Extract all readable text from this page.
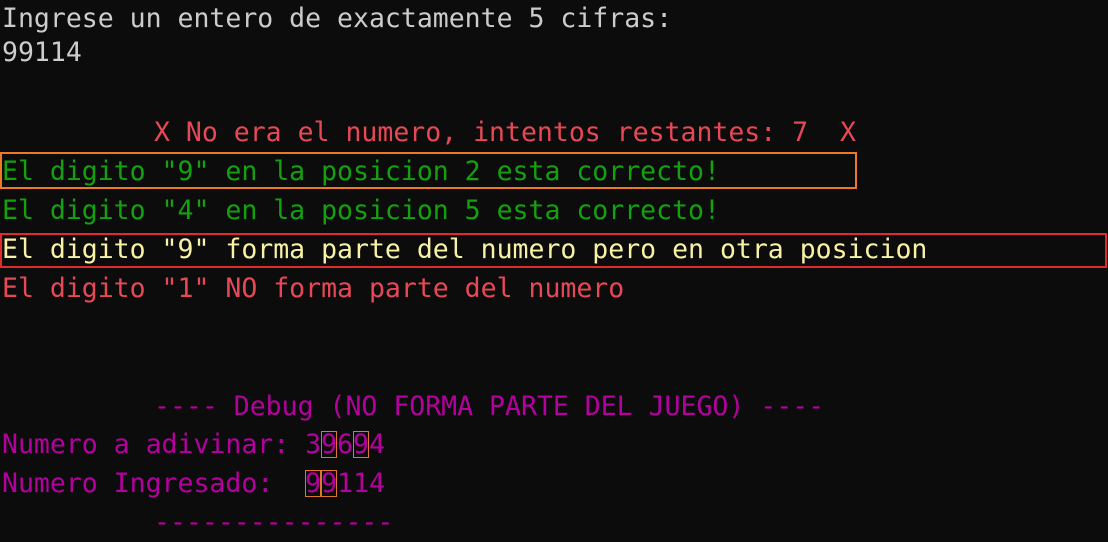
Ingrese un entero de exactamente 5 cifras:
99114
X No era el numero, intentos restantes: 7  X
El digito "9" en la posicion 2 esta correcto!
El digito "4" en la posicion 5 esta correcto!
El digito "9" forma parte del numero pero en otra posicion
El digito "1" NO forma parte del numero
---- Debug (NO FORMA PARTE DEL JUEGO) ----
Numero a adivinar: 39694
Numero Ingresado:  99114
---------------
